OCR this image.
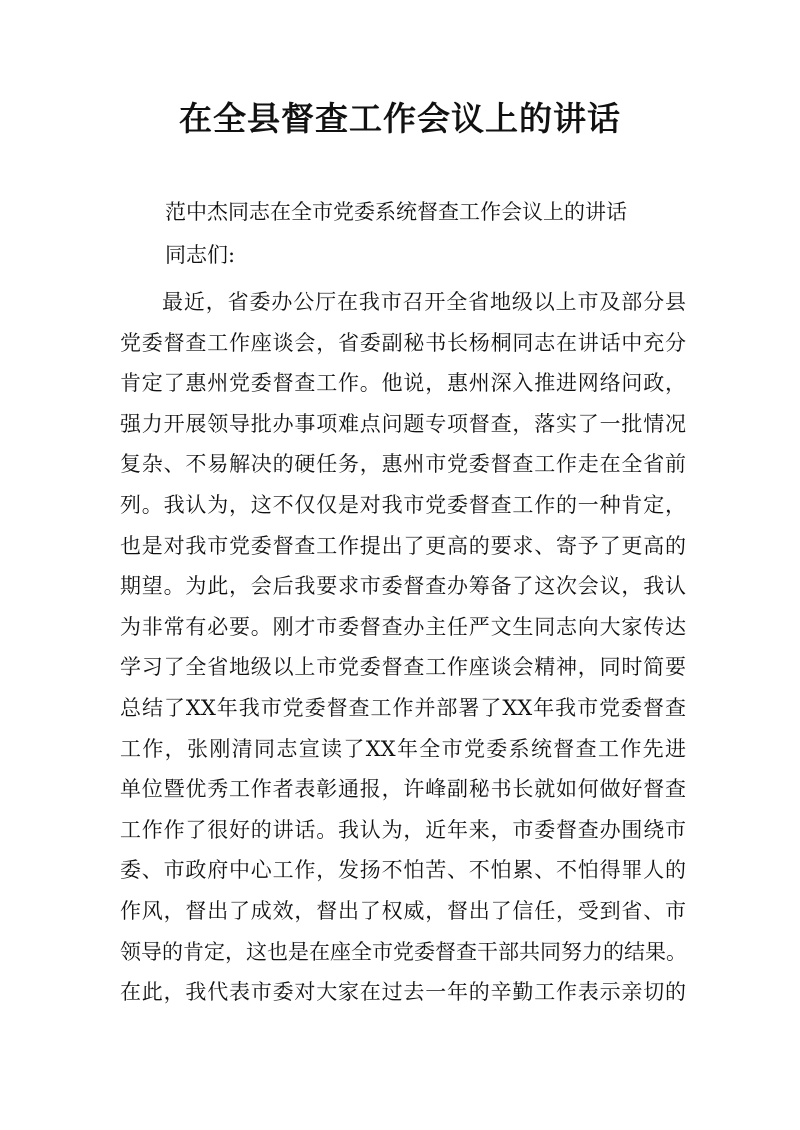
在全县督查工作会议上的讲话
范中杰同志在全市党委系统督查工作会议上的讲话
同志们:
最近，省委办公厅在我市召开全省地级以上市及部分县
党委督查工作座谈会，省委副秘书长杨桐同志在讲话中充分
肯定了惠州党委督查工作。他说，惠州深入推进网络问政，
强力开展领导批办事项难点问题专项督查，落实了一批情况
复杂、不易解决的硬任务，惠州市党委督查工作走在全省前
列。我认为，这不仅仅是对我市党委督查工作的一种肯定，
也是对我市党委督查工作提出了更高的要求、寄予了更高的
期望。为此，会后我要求市委督查办筹备了这次会议，我认
为非常有必要。刚才市委督查办主任严文生同志向大家传达
学习了全省地级以上市党委督查工作座谈会精神，同时简要
总结了XX年我市党委督查工作并部署了XX年我市党委督查
工作，张刚清同志宣读了XX年全市党委系统督查工作先进
单位暨优秀工作者表彰通报，许峰副秘书长就如何做好督查
工作作了很好的讲话。我认为，近年来，市委督查办围绕市
委、市政府中心工作，发扬不怕苦、不怕累、不怕得罪人的
作风，督出了成效，督出了权威，督出了信任，受到省、市
领导的肯定，这也是在座全市党委督查干部共同努力的结果。
在此，我代表市委对大家在过去一年的辛勤工作表示亲切的
